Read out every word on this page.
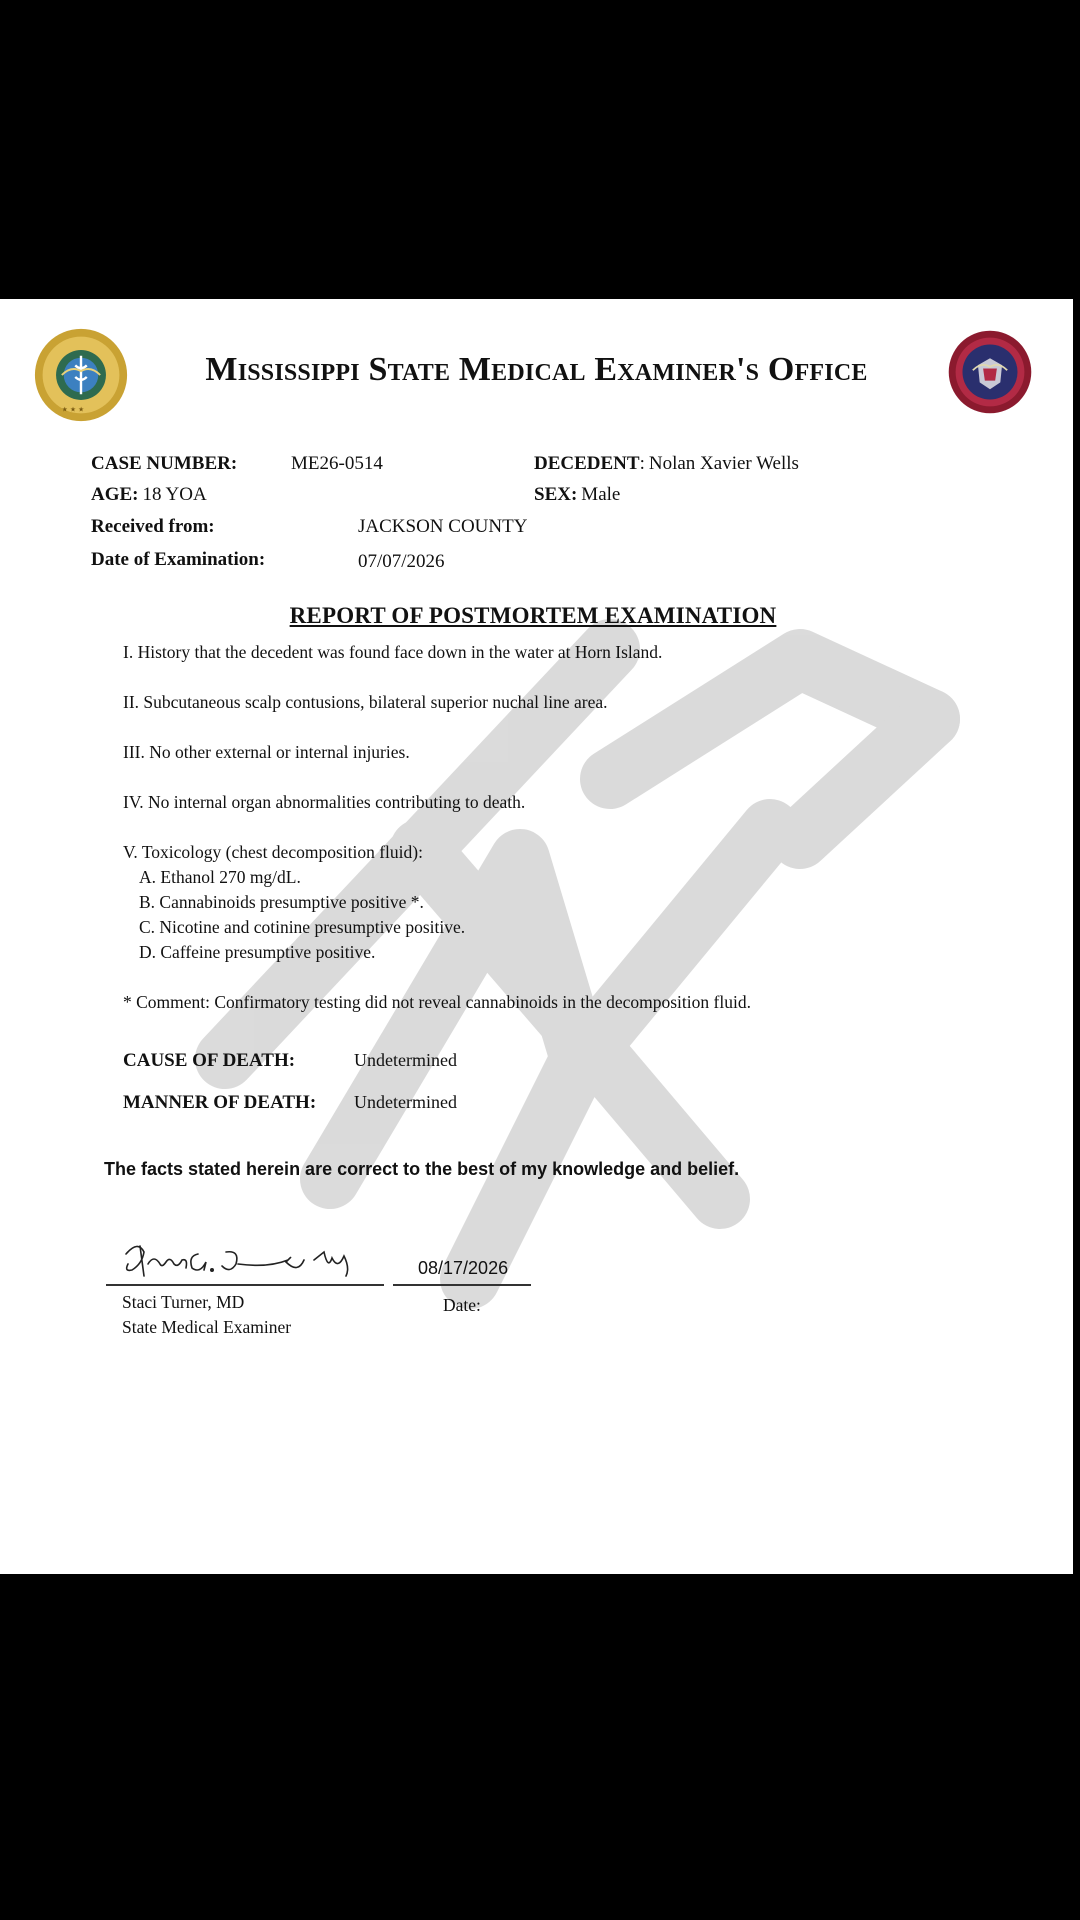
★ ★ ★
Mississippi State Medical Examiner's Office
CASE NUMBER:	ME26-0514	DECEDENT: Nolan Xavier Wells
AGE: 18 YOA	SEX: Male
Received from:	JACKSON COUNTY
Date of Examination:	07/07/2026
REPORT OF POSTMORTEM EXAMINATION
I. History that the decedent was found face down in the water at Horn Island.
II. Subcutaneous scalp contusions, bilateral superior nuchal line area.
III. No other external or internal injuries.
IV. No internal organ abnormalities contributing to death.
V. Toxicology (chest decomposition fluid):
A. Ethanol 270 mg/dL.
B. Cannabinoids presumptive positive *.
C. Nicotine and cotinine presumptive positive.
D. Caffeine presumptive positive.
* Comment: Confirmatory testing did not reveal cannabinoids in the decomposition fluid.
CAUSE OF DEATH:	Undetermined
MANNER OF DEATH: Undetermined
The facts stated herein are correct to the best of my knowledge and belief.
08/17/2026
Staci Turner, MD	Date:
State Medical Examiner
